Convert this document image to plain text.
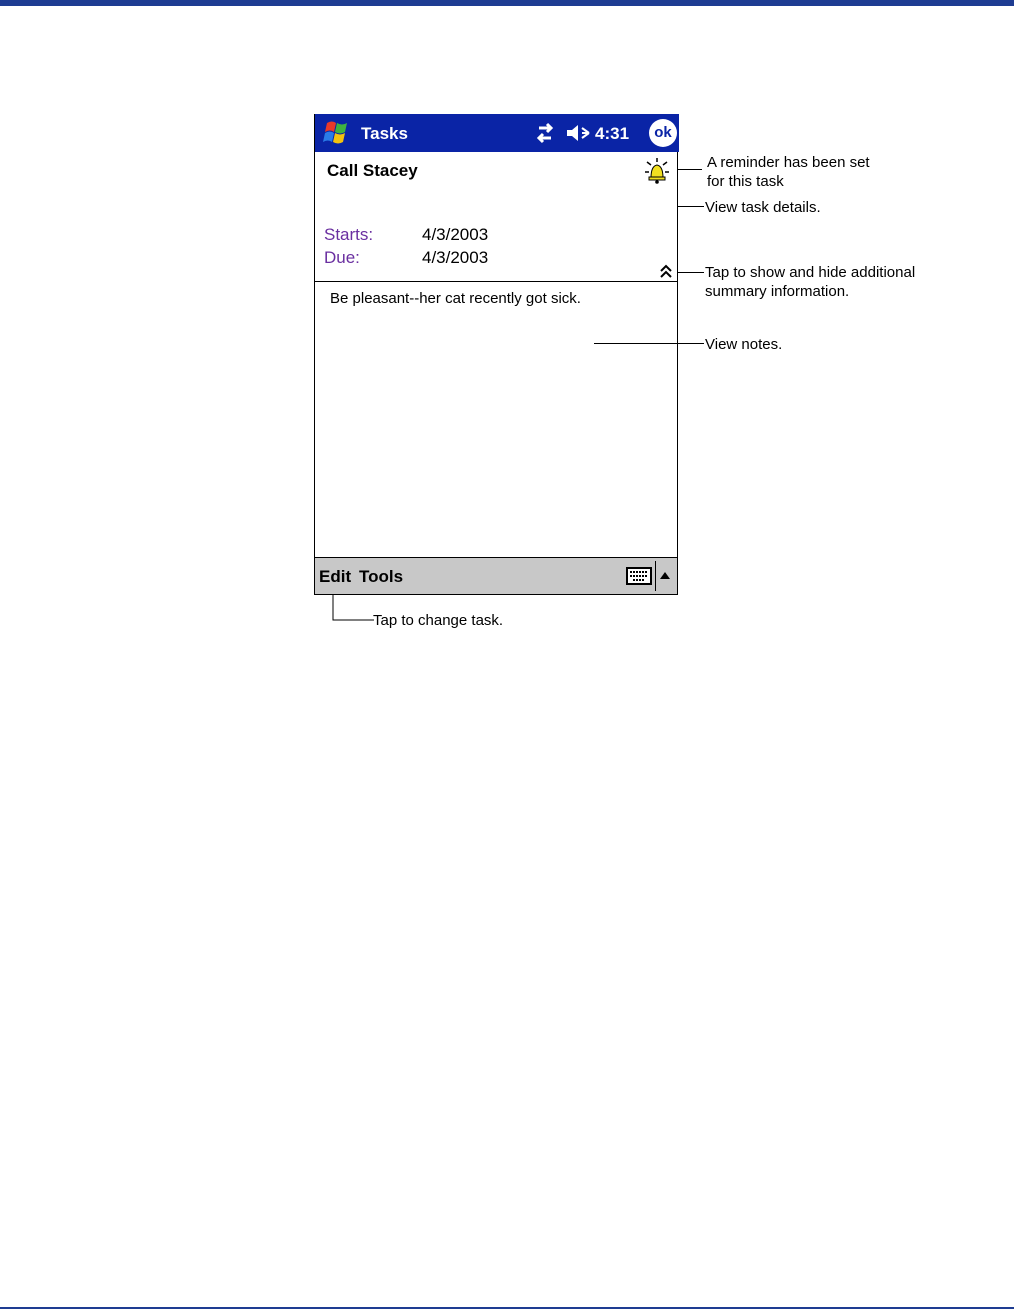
Tasks	4:31	ok
Call Stacey
Starts:	4/3/2003
Due:	4/3/2003
Be pleasant--her cat recently got sick.
Edit Tools
A reminder has been set
for this task
View task details.
Tap to show and hide additional
summary information.
View notes.
Tap to change task.
